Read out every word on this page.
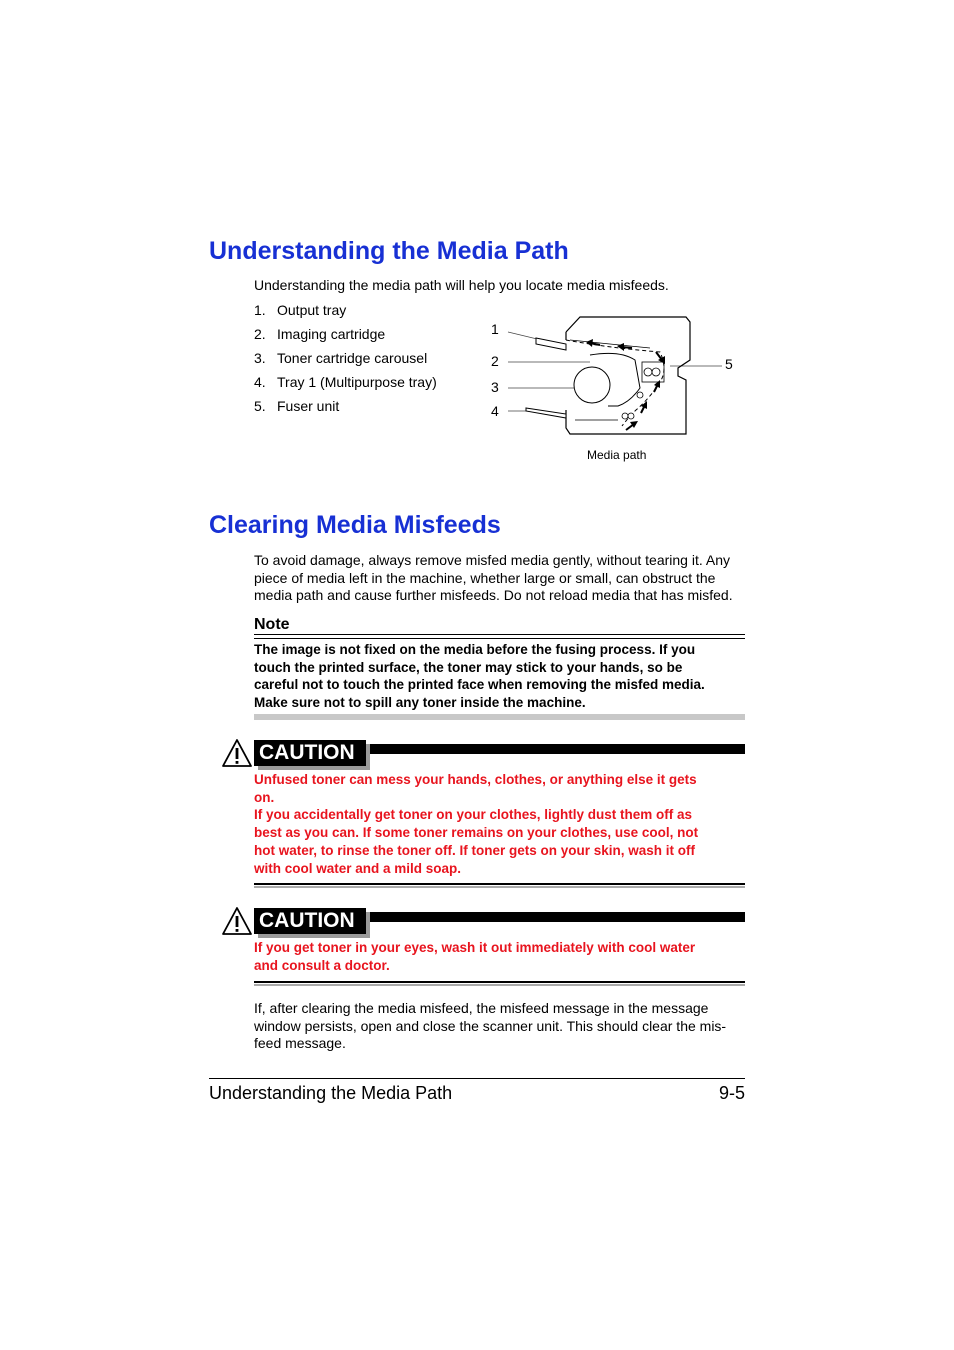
Understanding the Media Path
Understanding the media path will help you locate media misfeeds.
1. Output tray
2. Imaging cartridge
3. Toner cartridge carousel
4. Tray 1 (Multipurpose tray)
5. Fuser unit
1
2
3
4
5
Media path
Clearing Media Misfeeds
To avoid damage, always remove misfed media gently, without tearing it. Any
piece of media left in the machine, whether large or small, can obstruct the
media path and cause further misfeeds. Do not reload media that has misfed.
Note
The image is not fixed on the media before the fusing process. If you
touch the printed surface, the toner may stick to your hands, so be
careful not to touch the printed face when removing the misfed media.
Make sure not to spill any toner inside the machine.
CAUTION
Unfused toner can mess your hands, clothes, or anything else it gets
on.
If you accidentally get toner on your clothes, lightly dust them off as
best as you can. If some toner remains on your clothes, use cool, not
hot water, to rinse the toner off. If toner gets on your skin, wash it off
with cool water and a mild soap.
CAUTION
If you get toner in your eyes, wash it out immediately with cool water
and consult a doctor.
If, after clearing the media misfeed, the misfeed message in the message
window persists, open and close the scanner unit. This should clear the mis-
feed message.
Understanding the Media Path	9-5
